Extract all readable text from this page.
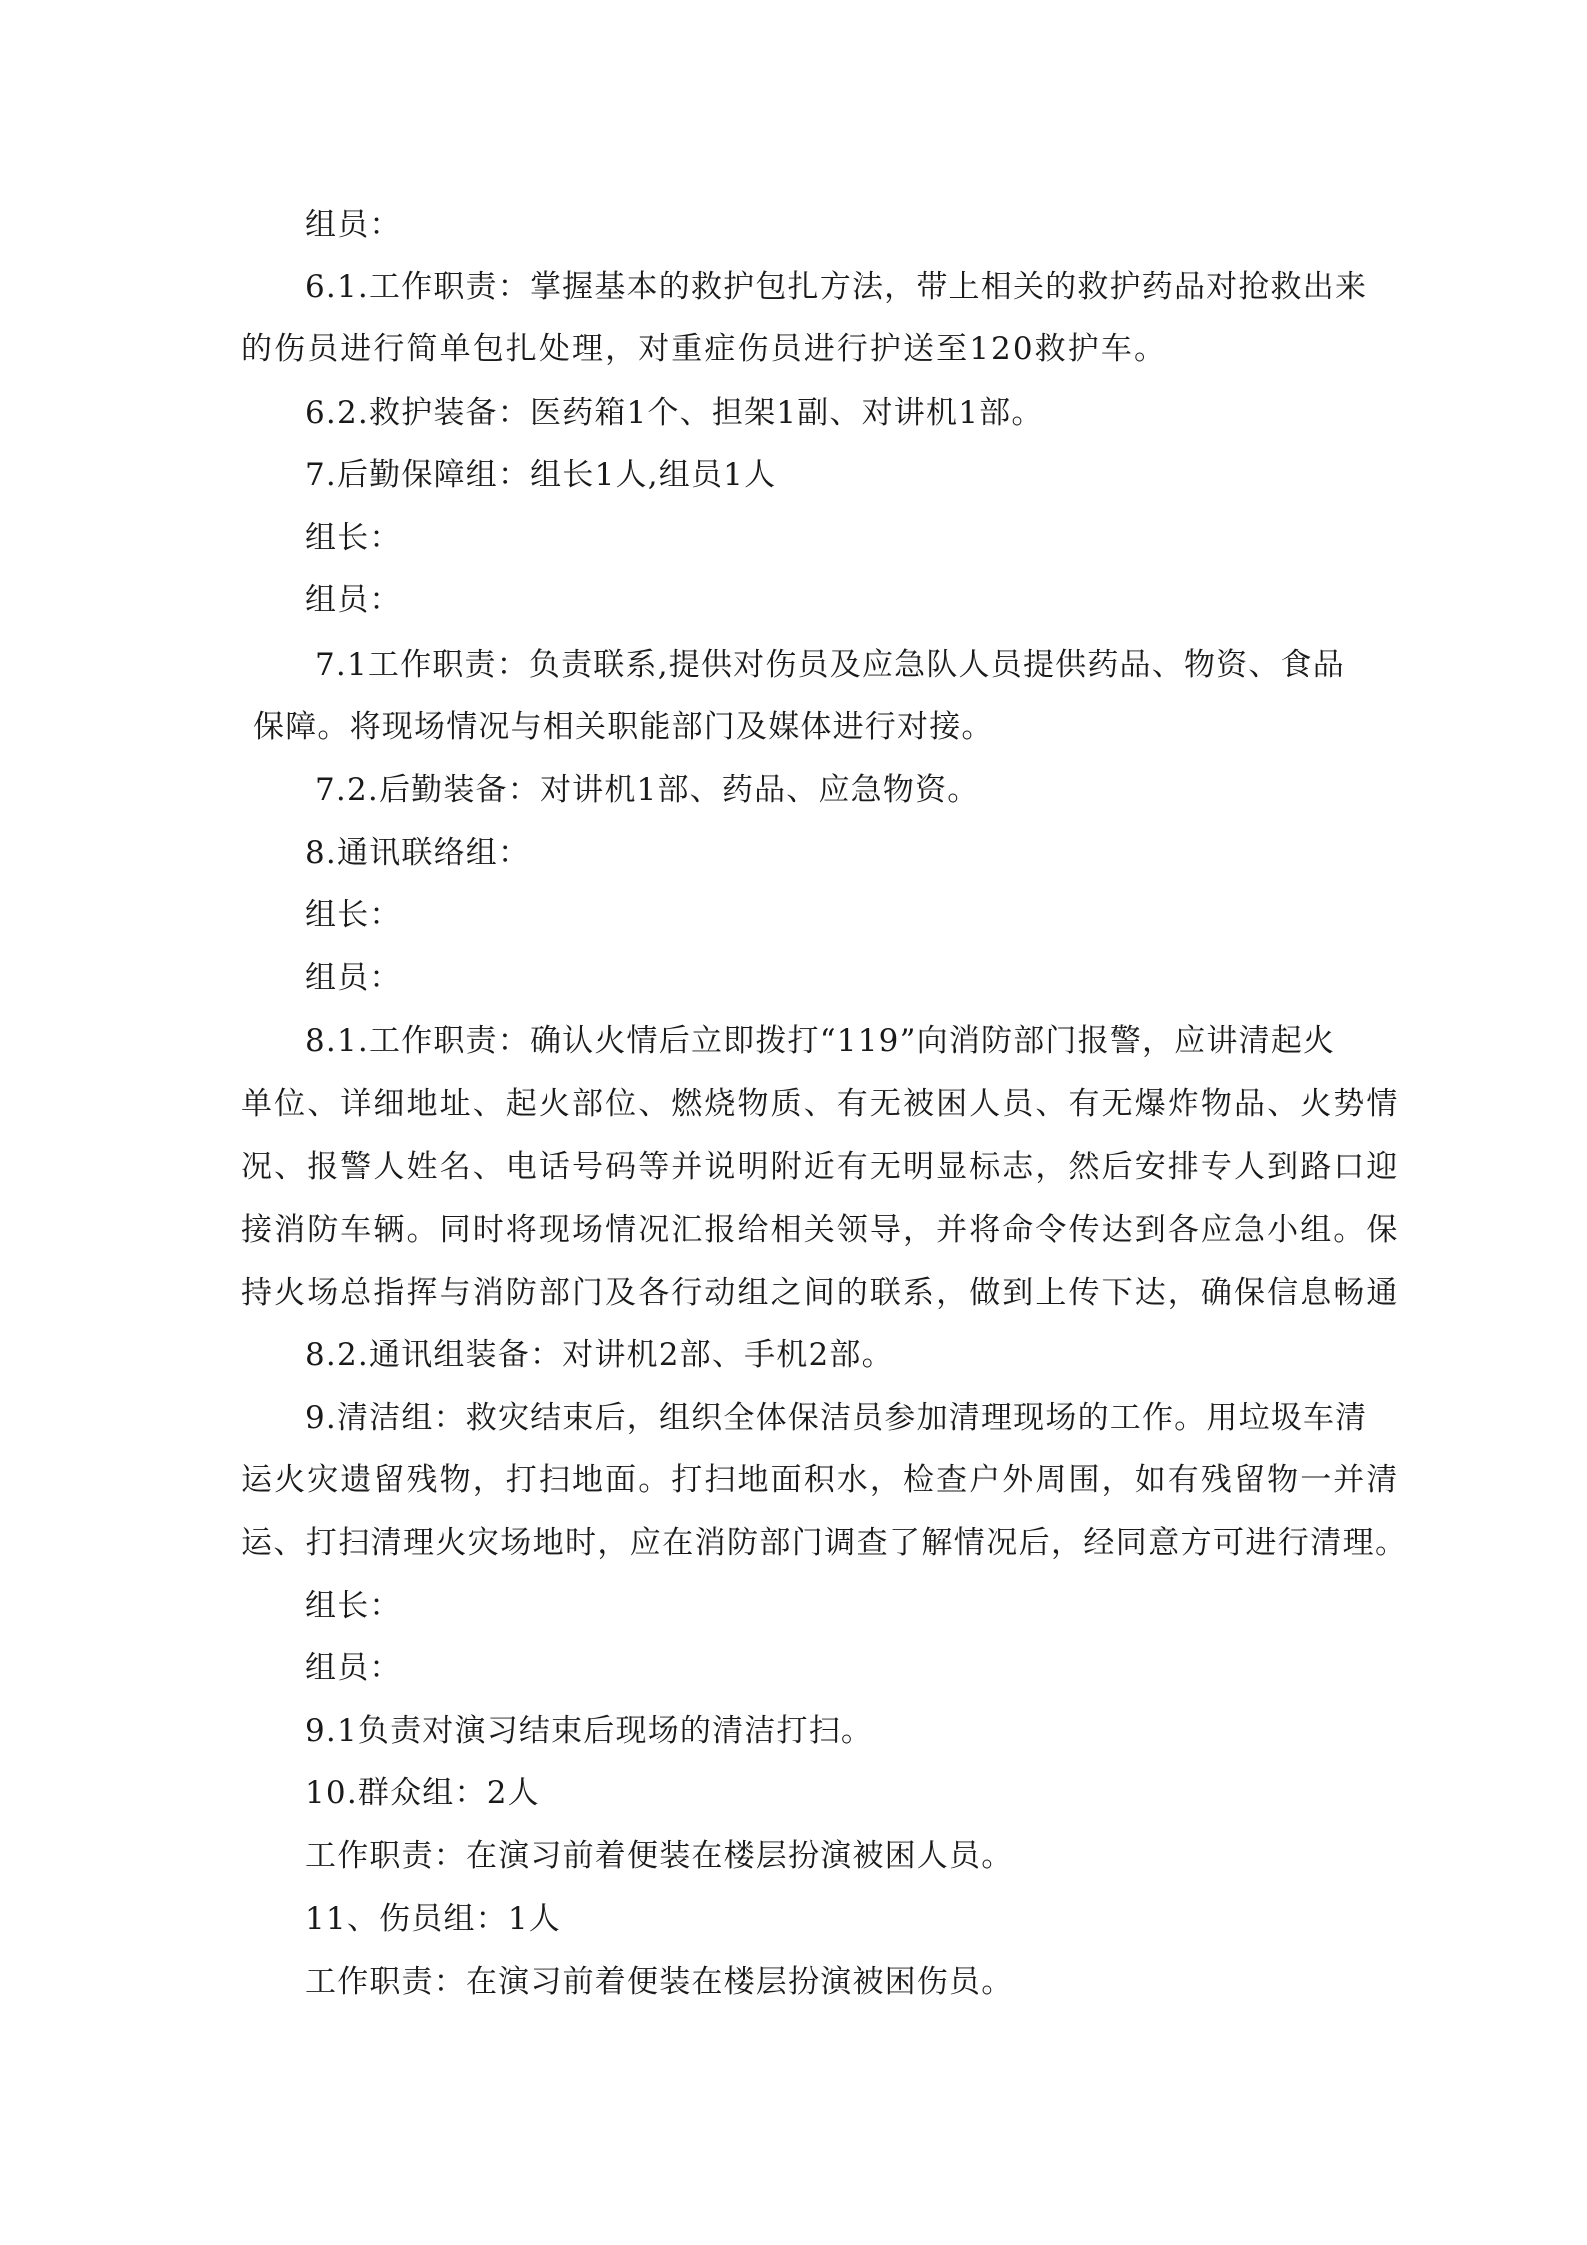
组员：
6.1.工作职责：掌握基本的救护包扎方法，带上相关的救护药品对抢救出来
的伤员进行简单包扎处理，对重症伤员进行护送至120救护车。
6.2.救护装备：医药箱1个、担架1副、对讲机1部。
7.后勤保障组：组长1人,组员1人
组长：
组员：
7.1工作职责：负责联系,提供对伤员及应急队人员提供药品、物资、食品
保障。将现场情况与相关职能部门及媒体进行对接。
7.2.后勤装备：对讲机1部、药品、应急物资。
8.通讯联络组：
组长：
组员：
8.1.工作职责：确认火情后立即拨打“119”向消防部门报警，应讲清起火
单位、详细地址、起火部位、燃烧物质、有无被困人员、有无爆炸物品、火势情
况、报警人姓名、电话号码等并说明附近有无明显标志，然后安排专人到路口迎
接消防车辆。同时将现场情况汇报给相关领导，并将命令传达到各应急小组。保
持火场总指挥与消防部门及各行动组之间的联系，做到上传下达，确保信息畅通
8.2.通讯组装备：对讲机2部、手机2部。
9.清洁组：救灾结束后，组织全体保洁员参加清理现场的工作。用垃圾车清
运火灾遗留残物，打扫地面。打扫地面积水，检查户外周围，如有残留物一并清
运、打扫清理火灾场地时，应在消防部门调查了解情况后，经同意方可进行清理。
组长：
组员：
9.1负责对演习结束后现场的清洁打扫。
10.群众组：2人
工作职责：在演习前着便装在楼层扮演被困人员。
11、伤员组：1人
工作职责：在演习前着便装在楼层扮演被困伤员。
